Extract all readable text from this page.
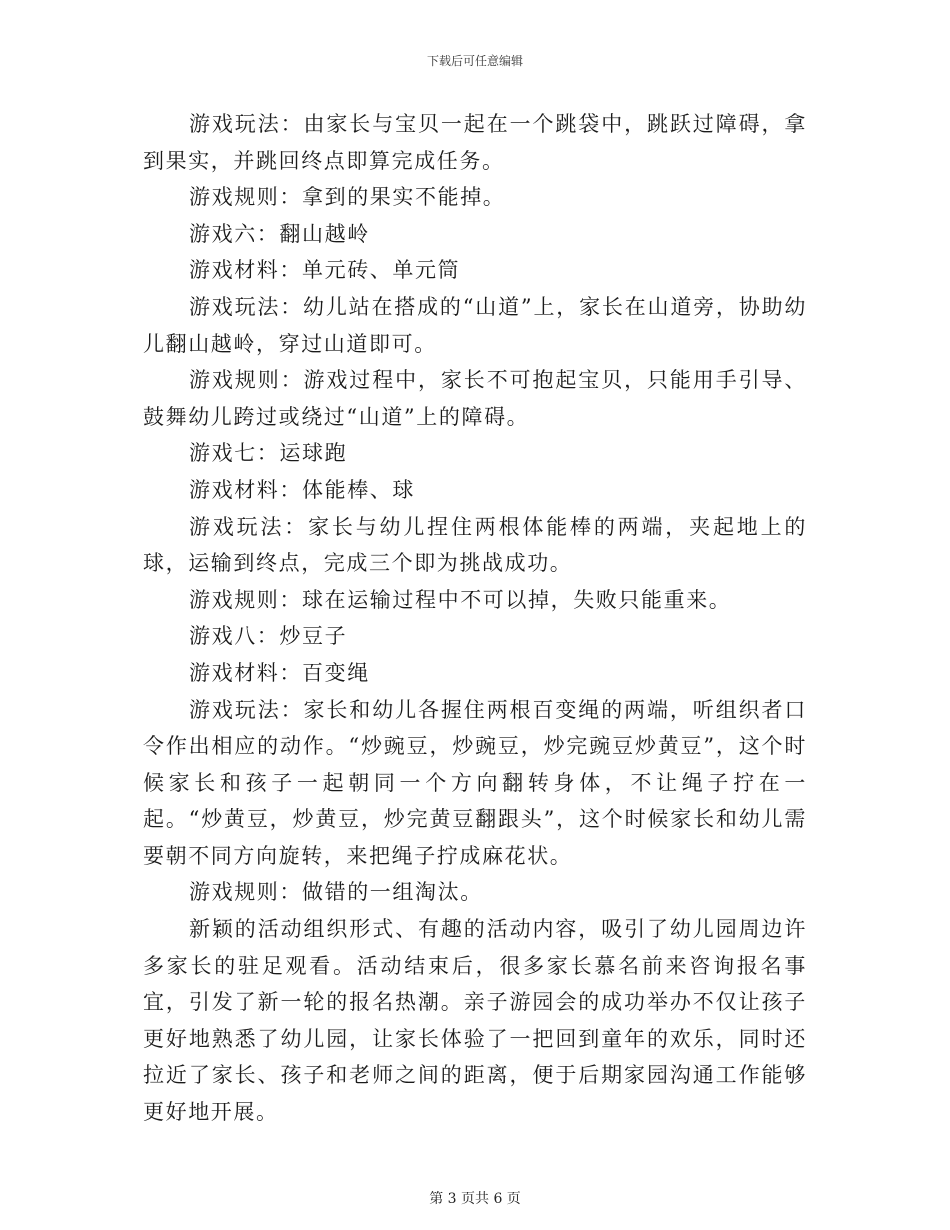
下载后可任意编辑

游戏玩法：由家长与宝贝一起在一个跳袋中，跳跃过障碍，拿到果实，并跳回终点即算完成任务。

游戏规则：拿到的果实不能掉。

游戏六：翻山越岭

游戏材料：单元砖、单元筒

游戏玩法：幼儿站在搭成的“山道”上，家长在山道旁，协助幼儿翻山越岭，穿过山道即可。

游戏规则：游戏过程中，家长不可抱起宝贝，只能用手引导、鼓舞幼儿跨过或绕过“山道”上的障碍。

游戏七：运球跑

游戏材料：体能棒、球

游戏玩法：家长与幼儿捏住两根体能棒的两端，夹起地上的球，运输到终点，完成三个即为挑战成功。

游戏规则：球在运输过程中不可以掉，失败只能重来。

游戏八：炒豆子

游戏材料：百变绳

游戏玩法：家长和幼儿各握住两根百变绳的两端，听组织者口令作出相应的动作。“炒豌豆，炒豌豆，炒完豌豆炒黄豆”，这个时候家长和孩子一起朝同一个方向翻转身体，不让绳子拧在一起。“炒黄豆，炒黄豆，炒完黄豆翻跟头”，这个时候家长和幼儿需要朝不同方向旋转，来把绳子拧成麻花状。

游戏规则：做错的一组淘汰。

新颖的活动组织形式、有趣的活动内容，吸引了幼儿园周边许多家长的驻足观看。活动结束后，很多家长慕名前来咨询报名事宜，引发了新一轮的报名热潮。亲子游园会的成功举办不仅让孩子更好地熟悉了幼儿园，让家长体验了一把回到童年的欢乐，同时还拉近了家长、孩子和老师之间的距离，便于后期家园沟通工作能够更好地开展。

第 3 页共 6 页
